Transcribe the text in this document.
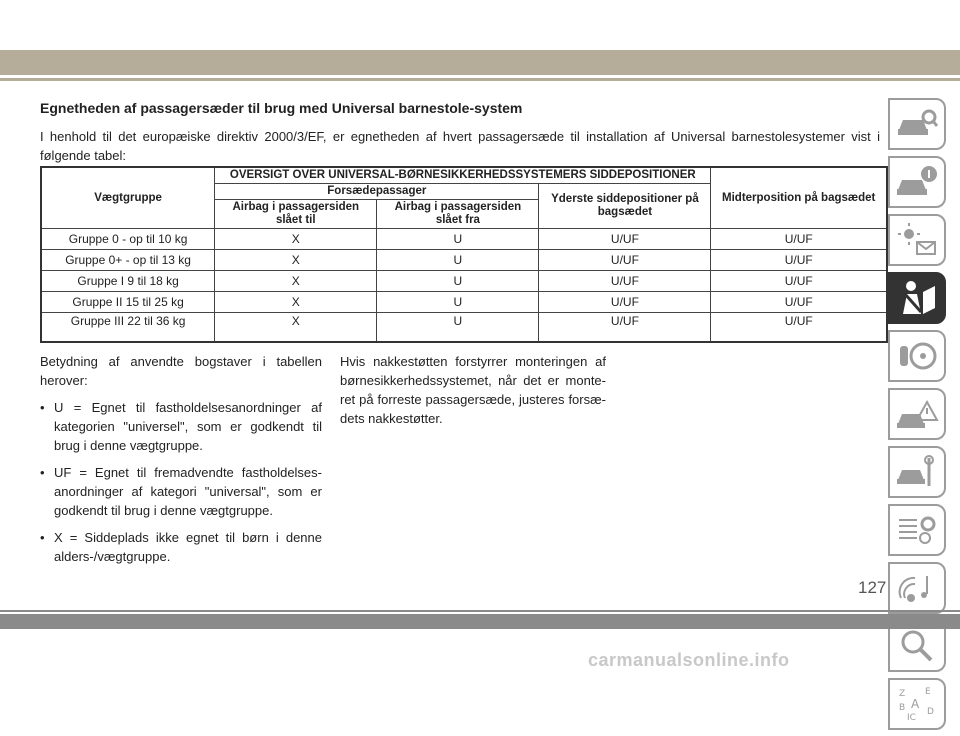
Egnetheden af passagersæder til brug med Universal barnestole-system
I henhold til det europæiske direktiv 2000/3/EF, er egnetheden af hvert passagersæde til installation af Universal barnestolesystemer vist i følgende tabel:
Vægtgruppe	OVERSIGT OVER UNIVERSAL-BØRNESIKKERHEDSSYSTEMERS SIDDEPOSITIONER			Midterposition på bagsædet
	Forsædepassager		Yderste siddepositioner på bagsædet	
	Airbag i passagersiden slået til	Airbag i passagersiden slået fra		
Gruppe 0 - op til 10 kg	X	U	U/UF	U/UF
Gruppe 0+ - op til 13 kg	X	U	U/UF	U/UF
Gruppe I 9 til 18 kg	X	U	U/UF	U/UF
Gruppe II 15 til 25 kg	X	U	U/UF	U/UF
Gruppe III 22 til 36 kg	X	U	U/UF	U/UF

Betydning af anvendte bogstaver i tabellen herover:

• U = Egnet til fastholdelsesanordninger af kategorien "universel", som er godkendt til brug i denne vægtgruppe.
• UF = Egnet til fremadvendte fastholdelses-anordninger af kategori "universal", som er godkendt til brug i denne vægtgruppe.
• X = Siddeplads ikke egnet til børn i denne alders-/vægtgruppe.
Hvis nakkestøtten forstyrrer monteringen af børnesikkerhedssystemet, når det er monte-ret på forreste passagersæde, justeres forsæ-dets nakkestøtter.
Z E
A
B D
IC
127
carmanualsonline.info
